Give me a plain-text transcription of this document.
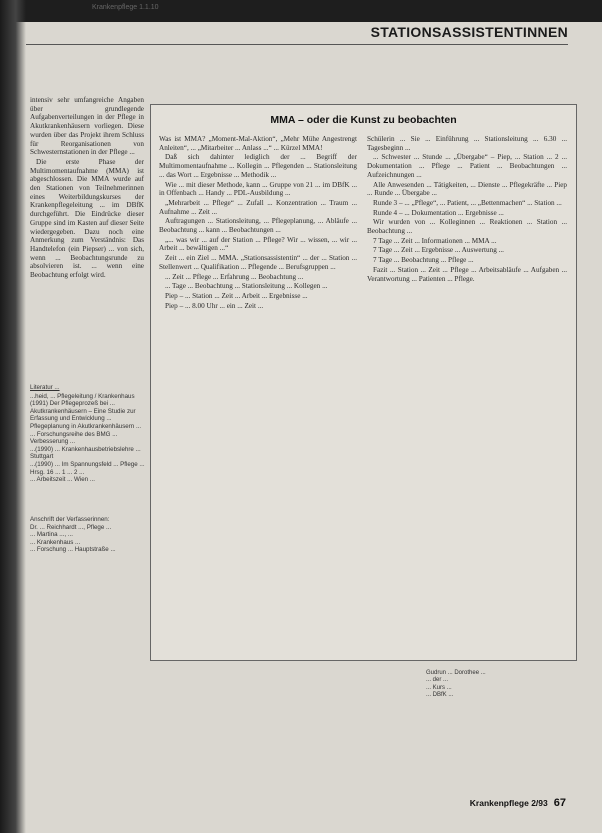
Krankenpflege 1.1.10
STATIONSASSISTENTINNEN

intensiv sehr umfangreiche Angaben über grundlegende Aufgabenverteilungen in der Pflege in Akutkrankenhäusern vorliegen. Diese wurden über das Projekt ihrem Schluss für Reorganisationen von Schwesternstationen in der Pflege ...

Die erste Phase der Multimomentaufnahme (MMA) ist abgeschlossen. Die MMA wurde auf den Stationen von Teilnehmerinnen eines Weiterbildungskurses der Krankenpflegeleitung ... im DBfK durchgeführt. Die Eindrücke dieser Gruppe sind im Kasten auf dieser Seite wiedergegeben. Dazu noch eine Anmerkung zum Verständnis: Das Handtelefon (ein Piepser) ... von sich, wenn ... Beobachtungsrunde zu absolvieren ist. ... wenn eine Beobachtung erfolgt wird.

Literatur ...
...heid, ... Pflegeleitung / Krankenhaus (1991) Der Pflegeprozeß bei ... Akutkrankenhäusern – Eine Studie zur Erfassung und Entwicklung ... Pflegeplanung in Akutkrankenhäusern ...
... Forschungsreihe des BMG ... Verbesserung ...
...(1990) ... Krankenhausbetriebslehre ... Stuttgart
...(1990) ... Im Spannungsfeld ... Pflege ... Hrsg. 16 ... 1 ... 2 ...
... Arbeitszeit ... Wien ...
Anschrift der Verfasserinnen:
Dr. ... Reichhardt ..., Pflege ...
... Martina ..., ...
... Krankenhaus ...
... Forschung ... Hauptstraße ...
MMA – oder die Kunst zu beobachten

Was ist MMA? „Moment-Mal-Aktion“, „Mehr Mühe Angestrengt Anleiten“, ... „Mitarbeiter ... Anlass ...“ ... Kürzel MMA!

Daß sich dahinter lediglich der ... Begriff der Multimomentaufnahme ... Kollegin ... Pflegenden ... Stationsleitung ... das Wort ... Ergebnisse ... Methodik ...

Wie ... mit dieser Methode, kann ... Gruppe von 21 ... im DBfK ... in Offenbach ... Handy ... PDL-Ausbildung ...

„Mehrarbeit ... Pflege“ ... Zufall ... Konzentration ... Traum ... Aufnahme ... Zeit ...

Auftragungen ... Stationsleitung, ... Pflegeplanung, ... Abläufe ... Beobachtung ... kann ... Beobachtungen ...

„... was wir ... auf der Station ... Pflege? Wir ... wissen, ... wir ... Arbeit ... bewältigen ...“

Zeit ... ein Ziel ... MMA. „Stationsassistentin“ ... der ... Station ... Stellenwert ... Qualifikation ... Pflegende ... Berufsgruppen ...

... Zeit ... Pflege ... Erfahrung ... Beobachtung ...

... Tage ... Beobachtung ... Stationsleitung ... Kollegen ...

Piep – ... Station ... Zeit ... Arbeit ... Ergebnisse ...

Piep – ... 8.00 Uhr ... ein ... Zeit ...

Schülerin ... Sie ... Einführung ... Stationsleitung ... 6.30 ... Tagesbeginn ...

... Schwester ... Stunde ... „Übergabe“ – Piep, ... Station ... 2 ... Dokumentation ... Pflege ... Patient ... Beobachtungen ... Aufzeichnungen ...

Alle Anwesenden ... Tätigkeiten, ... Dienste ... Pflegekräfte ... Piep ... Runde ... Übergabe ...

Runde 3 – ... „Pflege“, ... Patient, ... „Bettenmachen“ ... Station ...

Runde 4 – ... Dokumentation ... Ergebnisse ...

Wir wurden von ... Kolleginnen ... Reaktionen ... Station ... Beobachtung ...

7 Tage ... Zeit ... Informationen ... MMA ...

7 Tage ... Zeit ... Ergebnisse ... Auswertung ...

7 Tage ... Beobachtung ... Pflege ...

Fazit ... Station ... Zeit ... Pflege ... Arbeitsabläufe ... Aufgaben ... Verantwortung ... Patienten ... Pflege.

Gudrun ... Dorothee ...
... der ...
... Kurs ...
... DBfK ...
Krankenpflege 2/93 67
